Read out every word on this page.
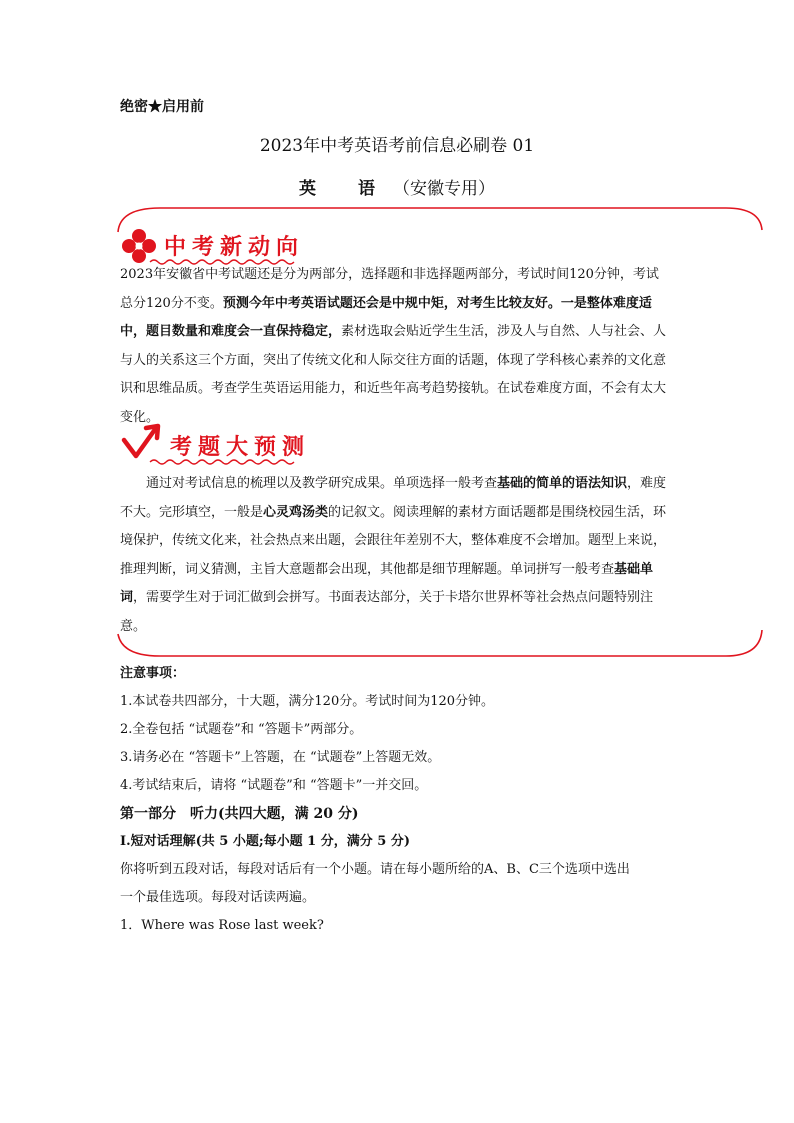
绝密★启用前
2023年中考英语考前信息必刷卷 01
英 语（安徽专用）
中考新动向
考题大预测
2023年安徽省中考试题还是分为两部分，选择题和非选择题两部分，考试时间120分钟，考试总分120分不变。预测今年中考英语试题还会是中规中矩，对考生比较友好。一是整体难度适中，题目数量和难度会一直保持稳定，素材选取会贴近学生生活，涉及人与自然、人与社会、人与人的关系这三个方面，突出了传统文化和人际交往方面的话题，体现了学科核心素养的文化意识和思维品质。考查学生英语运用能力，和近些年高考趋势接轨。在试卷难度方面，不会有太大变化。
通过对考试信息的梳理以及教学研究成果。单项选择一般考查基础的简单的语法知识，难度不大。完形填空，一般是心灵鸡汤类的记叙文。阅读理解的素材方面话题都是围绕校园生活，环境保护，传统文化来，社会热点来出题，会跟往年差别不大，整体难度不会增加。题型上来说，推理判断，词义猜测，主旨大意题都会出现，其他都是细节理解题。单词拼写一般考查基础单词，需要学生对于词汇做到会拼写。书面表达部分，关于卡塔尔世界杯等社会热点问题特别注意。
注意事项：
1.本试卷共四部分，十大题，满分120分。考试时间为120分钟。
2.全卷包括 “试题卷”和 “答题卡”两部分。
3.请务必在 “答题卡”上答题，在 “试题卷”上答题无效。
4.考试结束后，请将 “试题卷”和 “答题卡”一并交回。
第一部分　听力(共四大题，满 20 分)
Ⅰ.短对话理解(共 5 小题;每小题 1 分，满分 5 分)
你将听到五段对话，每段对话后有一个小题。请在每小题所给的A、B、C三个选项中选出
一个最佳选项。每段对话读两遍。
1．Where was Rose last week?
